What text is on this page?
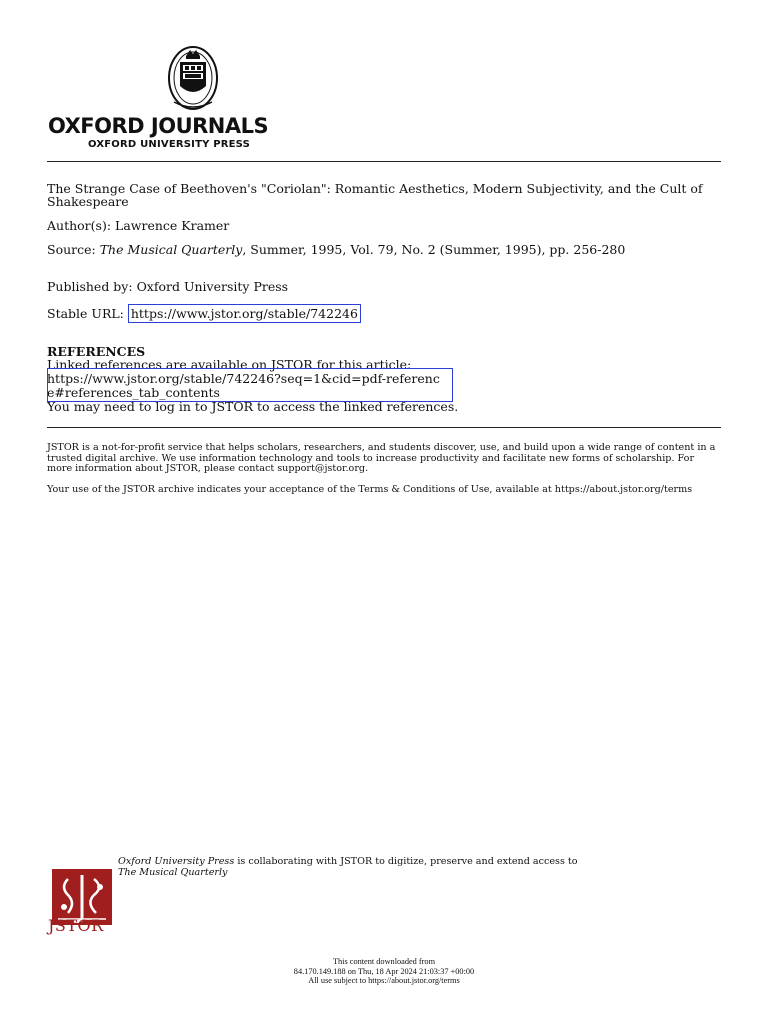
OXFORD JOURNALS
OXFORD UNIVERSITY PRESS
The Strange Case of Beethoven's "Coriolan": Romantic Aesthetics, Modern Subjectivity, and the Cult of Shakespeare
Author(s): Lawrence Kramer
Source: The Musical Quarterly, Summer, 1995, Vol. 79, No. 2 (Summer, 1995), pp. 256-280
Published by: Oxford University Press
Stable URL: https://www.jstor.org/stable/742246
REFERENCES
Linked references are available on JSTOR for this article:
https://www.jstor.org/stable/742246?seq=1&cid=pdf-reference#references_tab_contents
You may need to log in to JSTOR to access the linked references.
JSTOR is a not-for-profit service that helps scholars, researchers, and students discover, use, and build upon a wide range of content in a trusted digital archive. We use information technology and tools to increase productivity and facilitate new forms of scholarship. For more information about JSTOR, please contact support@jstor.org.
Your use of the JSTOR archive indicates your acceptance of the Terms & Conditions of Use, available at https://about.jstor.org/terms
JSTOR
Oxford University Press is collaborating with JSTOR to digitize, preserve and extend access to
The Musical Quarterly
This content downloaded from
84.170.149.188 on Thu, 18 Apr 2024 21:03:37 +00:00
All use subject to https://about.jstor.org/terms
